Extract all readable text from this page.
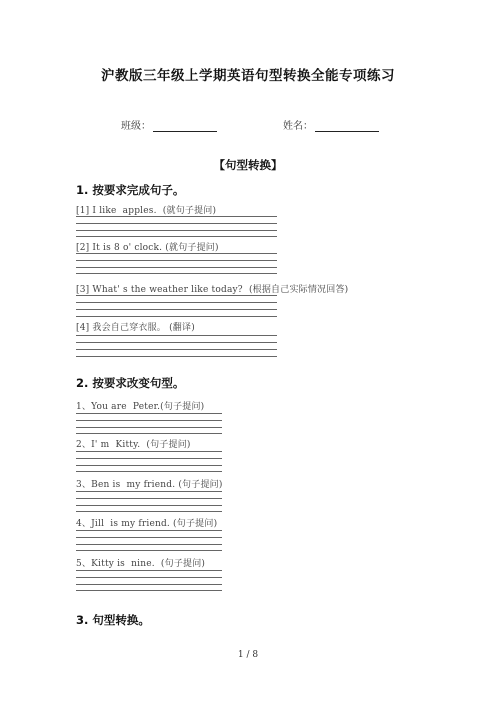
沪教版三年级上学期英语句型转换全能专项练习
班级：	姓名：
【句型转换】
1. 按要求完成句子。
[1] I like  apples.  (就句子提问)
[2] It is 8 o' clock. (就句子提问)
[3] What' s the weather like today?  (根据自己实际情况回答)
[4] 我会自己穿衣服。 (翻译)
2. 按要求改变句型。
1、You are  Peter.(句子提问)
2、I' m  Kitty.  (句子提问)
3、Ben is  my friend. (句子提问)
4、Jill  is my friend. (句子提问)
5、Kitty is  nine.  (句子提问)
3. 句型转换。
1 / 8
